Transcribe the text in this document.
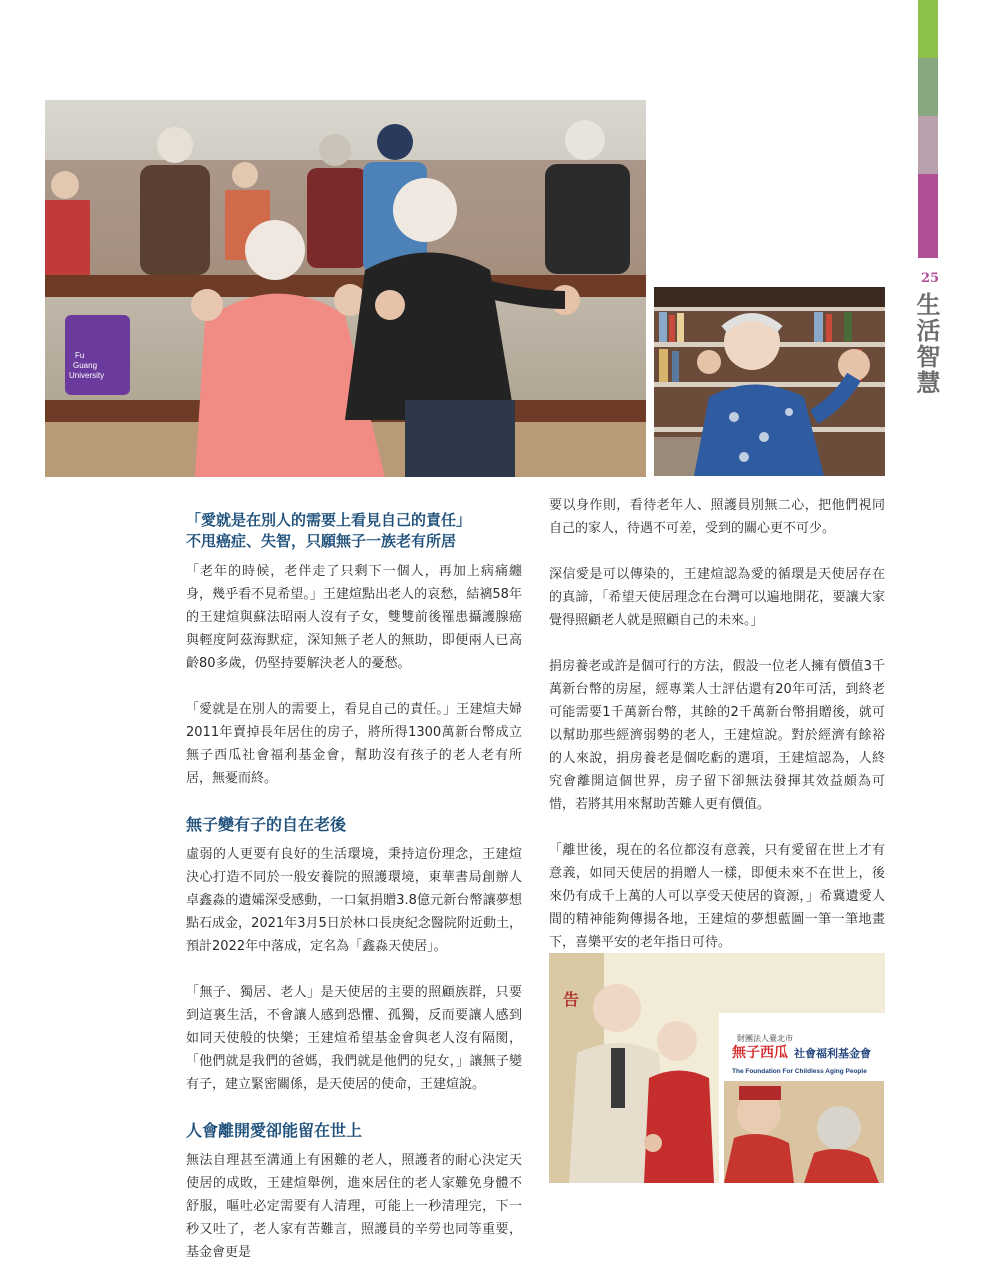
25
生活智慧
Fu
Guang
University
告
財團法人臺北市
無子西瓜 社會福利基金會
The Foundation For Childless Aging People
「愛就是在別人的需要上看見自己的責任」
不甩癌症、失智，只願無子一族老有所居

「老年的時候，老伴走了只剩下一個人，再加上病痛纏身，幾乎看不見希望。」王建煊點出老人的哀愁，結褵58年的王建煊與蘇法昭兩人沒有子女，雙雙前後罹患攝護腺癌與輕度阿茲海默症，深知無子老人的無助，即便兩人已高齡80多歲，仍堅持要解決老人的憂愁。

「愛就是在別人的需要上，看見自己的責任。」王建煊夫婦2011年賣掉長年居住的房子，將所得1300萬新台幣成立無子西瓜社會福利基金會，幫助沒有孩子的老人老有所居，無憂而終。

無子變有子的自在老後

虛弱的人更要有良好的生活環境，秉持這份理念，王建煊決心打造不同於一般安養院的照護環境，東華書局創辦人卓鑫淼的遺孀深受感動，一口氣捐贈3.8億元新台幣讓夢想點石成金，2021年3月5日於林口長庚紀念醫院附近動土，預計2022年中落成，定名為「鑫淼天使居」。

「無子、獨居、老人」是天使居的主要的照顧族群，只要到這裏生活，不會讓人感到恐懼、孤獨，反而要讓人感到如同天使般的快樂；王建煊希望基金會與老人沒有隔閡，「他們就是我們的爸媽，我們就是他們的兒女，」讓無子變有子，建立緊密關係，是天使居的使命，王建煊說。

人會離開愛卻能留在世上

無法自理甚至溝通上有困難的老人，照護者的耐心決定天使居的成敗，王建煊舉例，進來居住的老人家難免身體不舒服，嘔吐必定需要有人清理，可能上一秒清理完，下一秒又吐了，老人家有苦難言，照護員的辛勞也同等重要，基金會更是

要以身作則，看待老年人、照護員別無二心，把他們視同自己的家人，待遇不可差，受到的關心更不可少。

深信愛是可以傳染的，王建煊認為愛的循環是天使居存在的真諦，「希望天使居理念在台灣可以遍地開花，要讓大家覺得照顧老人就是照顧自己的未來。」

捐房養老或許是個可行的方法，假設一位老人擁有價值3千萬新台幣的房屋，經專業人士評估還有20年可活，到終老可能需要1千萬新台幣，其餘的2千萬新台幣捐贈後，就可以幫助那些經濟弱勢的老人，王建煊說。對於經濟有餘裕的人來說，捐房養老是個吃虧的選項，王建煊認為，人終究會離開這個世界，房子留下卻無法發揮其效益頗為可惜，若將其用來幫助苦難人更有價值。

「離世後，現在的名位都沒有意義，只有愛留在世上才有意義，如同天使居的捐贈人一樣，即便未來不在世上，後來仍有成千上萬的人可以享受天使居的資源，」希冀遺愛人間的精神能夠傳揚各地，王建煊的夢想藍圖一筆一筆地畫下，喜樂平安的老年指日可待。
